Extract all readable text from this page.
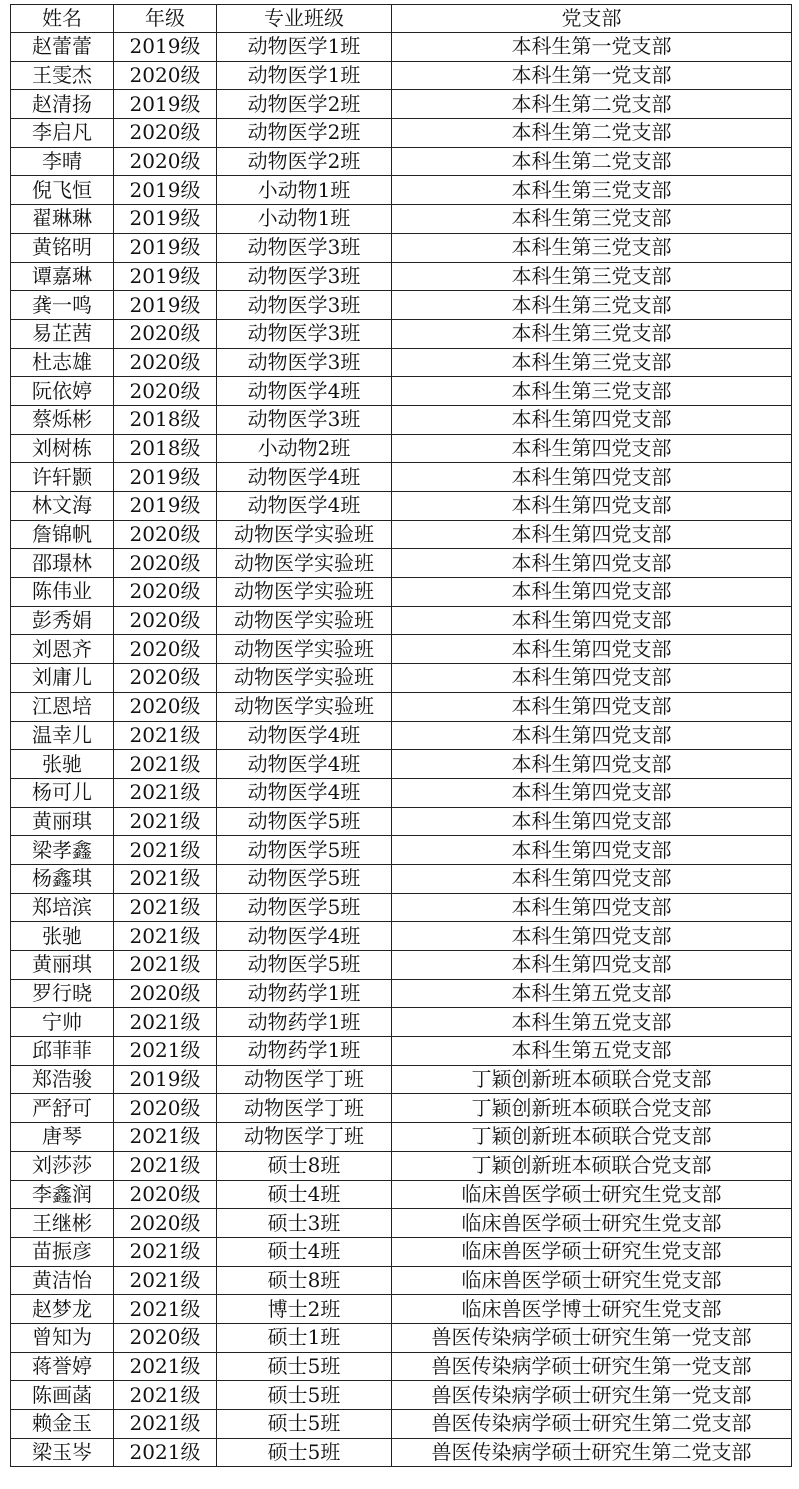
姓名	年级	专业班级	党支部
赵蕾蕾	2019级	动物医学1班	本科生第一党支部
王雯杰	2020级	动物医学1班	本科生第一党支部
赵清扬	2019级	动物医学2班	本科生第二党支部
李启凡	2020级	动物医学2班	本科生第二党支部
李晴	2020级	动物医学2班	本科生第二党支部
倪飞恒	2019级	小动物1班	本科生第三党支部
翟琳琳	2019级	小动物1班	本科生第三党支部
黄铭明	2019级	动物医学3班	本科生第三党支部
谭嘉琳	2019级	动物医学3班	本科生第三党支部
龚一鸣	2019级	动物医学3班	本科生第三党支部
易芷茜	2020级	动物医学3班	本科生第三党支部
杜志雄	2020级	动物医学3班	本科生第三党支部
阮依婷	2020级	动物医学4班	本科生第三党支部
蔡烁彬	2018级	动物医学3班	本科生第四党支部
刘树栋	2018级	小动物2班	本科生第四党支部
许轩颢	2019级	动物医学4班	本科生第四党支部
林文海	2019级	动物医学4班	本科生第四党支部
詹锦帆	2020级	动物医学实验班	本科生第四党支部
邵璟林	2020级	动物医学实验班	本科生第四党支部
陈伟业	2020级	动物医学实验班	本科生第四党支部
彭秀娟	2020级	动物医学实验班	本科生第四党支部
刘恩齐	2020级	动物医学实验班	本科生第四党支部
刘庸儿	2020级	动物医学实验班	本科生第四党支部
江恩培	2020级	动物医学实验班	本科生第四党支部
温幸儿	2021级	动物医学4班	本科生第四党支部
张驰	2021级	动物医学4班	本科生第四党支部
杨可儿	2021级	动物医学4班	本科生第四党支部
黄丽琪	2021级	动物医学5班	本科生第四党支部
梁孝鑫	2021级	动物医学5班	本科生第四党支部
杨鑫琪	2021级	动物医学5班	本科生第四党支部
郑培滨	2021级	动物医学5班	本科生第四党支部
张驰	2021级	动物医学4班	本科生第四党支部
黄丽琪	2021级	动物医学5班	本科生第四党支部
罗行晓	2020级	动物药学1班	本科生第五党支部
宁帅	2021级	动物药学1班	本科生第五党支部
邱菲菲	2021级	动物药学1班	本科生第五党支部
郑浩骏	2019级	动物医学丁班	丁颖创新班本硕联合党支部
严舒可	2020级	动物医学丁班	丁颖创新班本硕联合党支部
唐琴	2021级	动物医学丁班	丁颖创新班本硕联合党支部
刘莎莎	2021级	硕士8班	丁颖创新班本硕联合党支部
李鑫润	2020级	硕士4班	临床兽医学硕士研究生党支部
王继彬	2020级	硕士3班	临床兽医学硕士研究生党支部
苗振彦	2021级	硕士4班	临床兽医学硕士研究生党支部
黄洁怡	2021级	硕士8班	临床兽医学硕士研究生党支部
赵梦龙	2021级	博士2班	临床兽医学博士研究生党支部
曾知为	2020级	硕士1班	兽医传染病学硕士研究生第一党支部
蒋誉婷	2021级	硕士5班	兽医传染病学硕士研究生第一党支部
陈画菡	2021级	硕士5班	兽医传染病学硕士研究生第一党支部
赖金玉	2021级	硕士5班	兽医传染病学硕士研究生第二党支部
梁玉岑	2021级	硕士5班	兽医传染病学硕士研究生第二党支部
